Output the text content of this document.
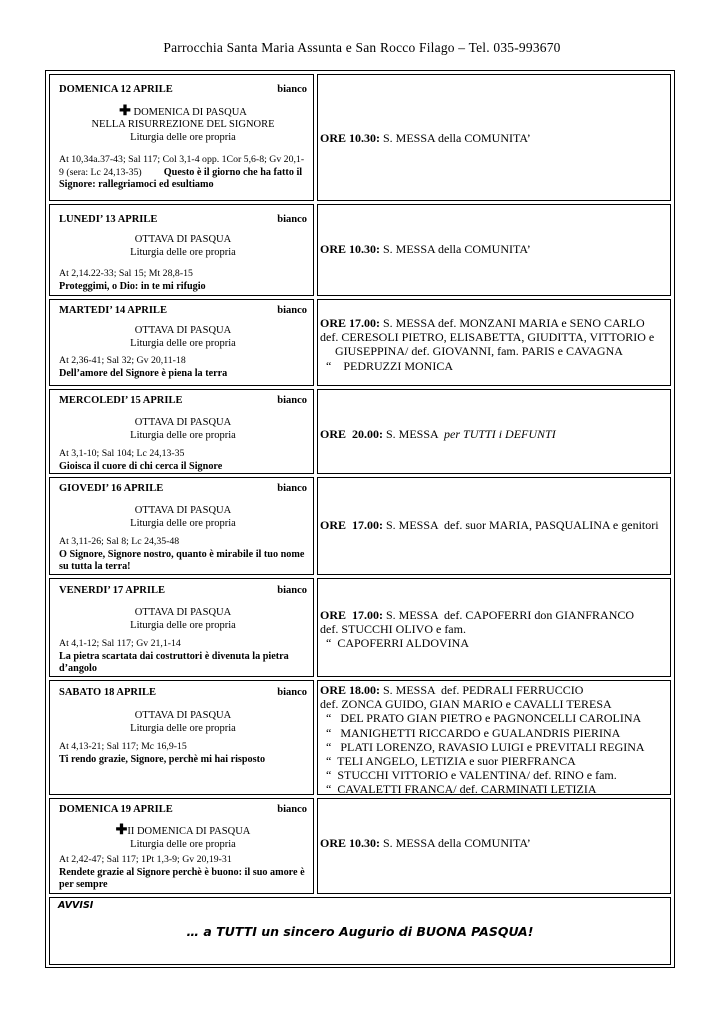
Parrocchia Santa Maria Assunta e San Rocco Filago – Tel. 035-993670
DOMENICA 12 APRILE	bianco
✚ DOMENICA DI PASQUA
NELLA RISURREZIONE DEL SIGNORE
Liturgia delle ore propria
At 10,34a.37-43; Sal 117; Col 3,1-4 opp. 1Cor 5,6-8; Gv 20,1-9 (sera: Lc 24,13-35) Questo è il giorno che ha fatto il Signore: rallegriamoci ed esultiamo
ORE 10.30: S. MESSA della COMUNITA’
LUNEDI’ 13 APRILE	bianco
OTTAVA DI PASQUA
Liturgia delle ore propria
At 2,14.22-33; Sal 15; Mt 28,8-15
Proteggimi, o Dio: in te mi rifugio
ORE 10.30: S. MESSA della COMUNITA’
MARTEDI’ 14 APRILE	bianco
OTTAVA DI PASQUA
Liturgia delle ore propria
At 2,36-41; Sal 32; Gv 20,11-18
Dell’amore del Signore è piena la terra
ORE 17.00: S. MESSA def. MONZANI MARIA e SENO CARLO
def. CERESOLI PIETRO, ELISABETTA, GIUDITTA, VITTORIO e
GIUSEPPINA/ def. GIOVANNI, fam. PARIS e CAVAGNA
“    PEDRUZZI MONICA
MERCOLEDI’ 15 APRILE	bianco
OTTAVA DI PASQUA
Liturgia delle ore propria
At 3,1-10; Sal 104; Lc 24,13-35
Gioisca il cuore di chi cerca il Signore
ORE  20.00: S. MESSA  per TUTTI i DEFUNTI
GIOVEDI’ 16 APRILE	bianco
OTTAVA DI PASQUA
Liturgia delle ore propria
At 3,11-26; Sal 8; Lc 24,35-48
O Signore, Signore nostro, quanto è mirabile il tuo nome su tutta la terra!
ORE  17.00: S. MESSA  def. suor MARIA, PASQUALINA e genitori
VENERDI’ 17 APRILE	bianco
OTTAVA DI PASQUA
Liturgia delle ore propria
At 4,1-12; Sal 117; Gv 21,1-14
La pietra scartata dai costruttori è divenuta la pietra d’angolo
ORE  17.00: S. MESSA  def. CAPOFERRI don GIANFRANCO
def. STUCCHI OLIVO e fam.
“  CAPOFERRI ALDOVINA
SABATO 18 APRILE	bianco
OTTAVA DI PASQUA
Liturgia delle ore propria
At 4,13-21; Sal 117; Mc 16,9-15
Ti rendo grazie, Signore, perchè mi hai risposto
ORE 18.00: S. MESSA  def. PEDRALI FERRUCCIO
def. ZONCA GUIDO, GIAN MARIO e CAVALLI TERESA
“   DEL PRATO GIAN PIETRO e PAGNONCELLI CAROLINA
“   MANIGHETTI RICCARDO e GUALANDRIS PIERINA
“   PLATI LORENZO, RAVASIO LUIGI e PREVITALI REGINA
“  TELI ANGELO, LETIZIA e suor PIERFRANCA
“  STUCCHI VITTORIO e VALENTINA/ def. RINO e fam.
“  CAVALETTI FRANCA/ def. CARMINATI LETIZIA
DOMENICA 19 APRILE	bianco
✚II DOMENICA DI PASQUA
Liturgia delle ore propria
At 2,42-47; Sal 117; 1Pt 1,3-9; Gv 20,19-31
Rendete grazie al Signore perchè è buono: il suo amore è per sempre
ORE 10.30: S. MESSA della COMUNITA’
AVVISI
… a TUTTI un sincero Augurio di BUONA PASQUA!
